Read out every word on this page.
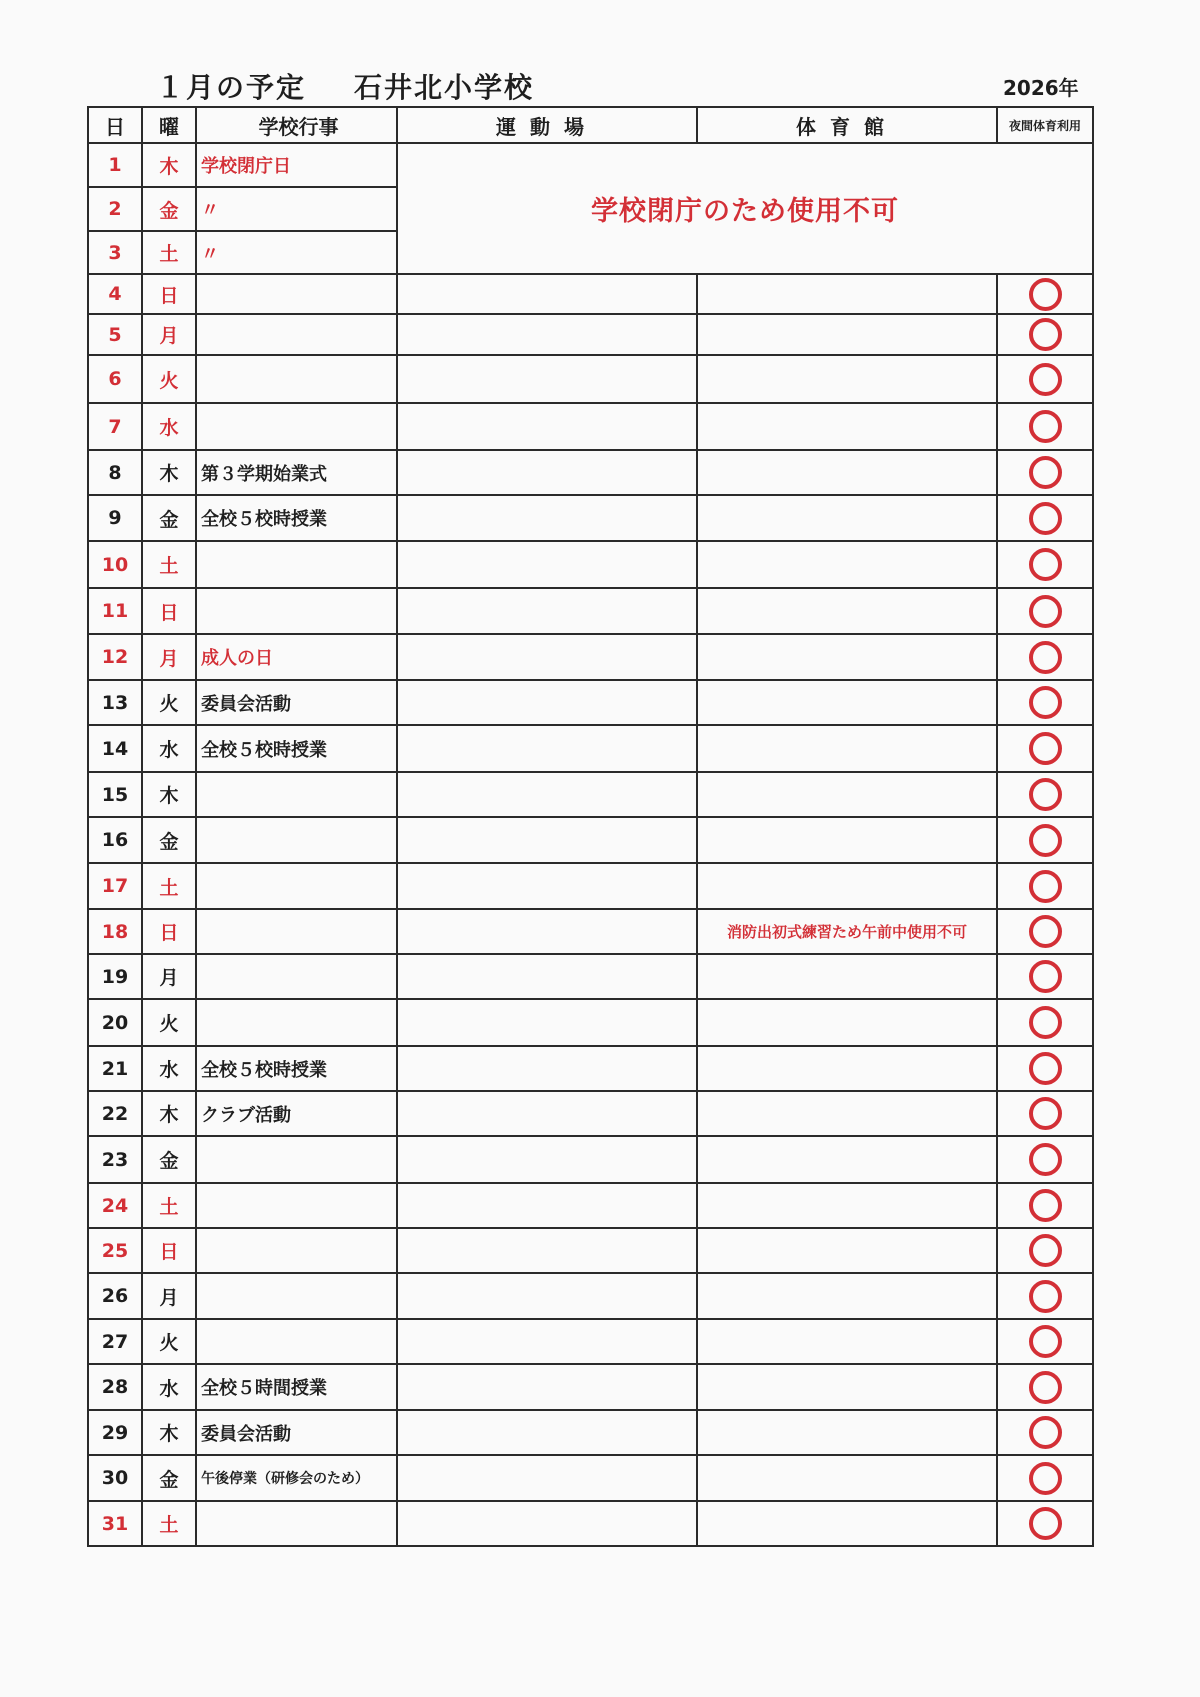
１月の予定 石井北小学校	2026年
日	曜	学校行事	運動場	体育館	夜間体育利用
1	木	学校閉庁日	学校閉庁のため使用不可		
2	金	〃			
3	土	〃			
4	日				
5	月				
6	火				
7	水				
8	木	第３学期始業式			
9	金	全校５校時授業			
10	土				
11	日				
12	月	成人の日			
13	火	委員会活動			
14	水	全校５校時授業			
15	木				
16	金				
17	土				
18	日			消防出初式練習ため午前中使用不可	
19	月				
20	火				
21	水	全校５校時授業			
22	木	クラブ活動			
23	金				
24	土				
25	日				
26	月				
27	火				
28	水	全校５時間授業			
29	木	委員会活動			
30	金	午後停業（研修会のため）			
31	土				
